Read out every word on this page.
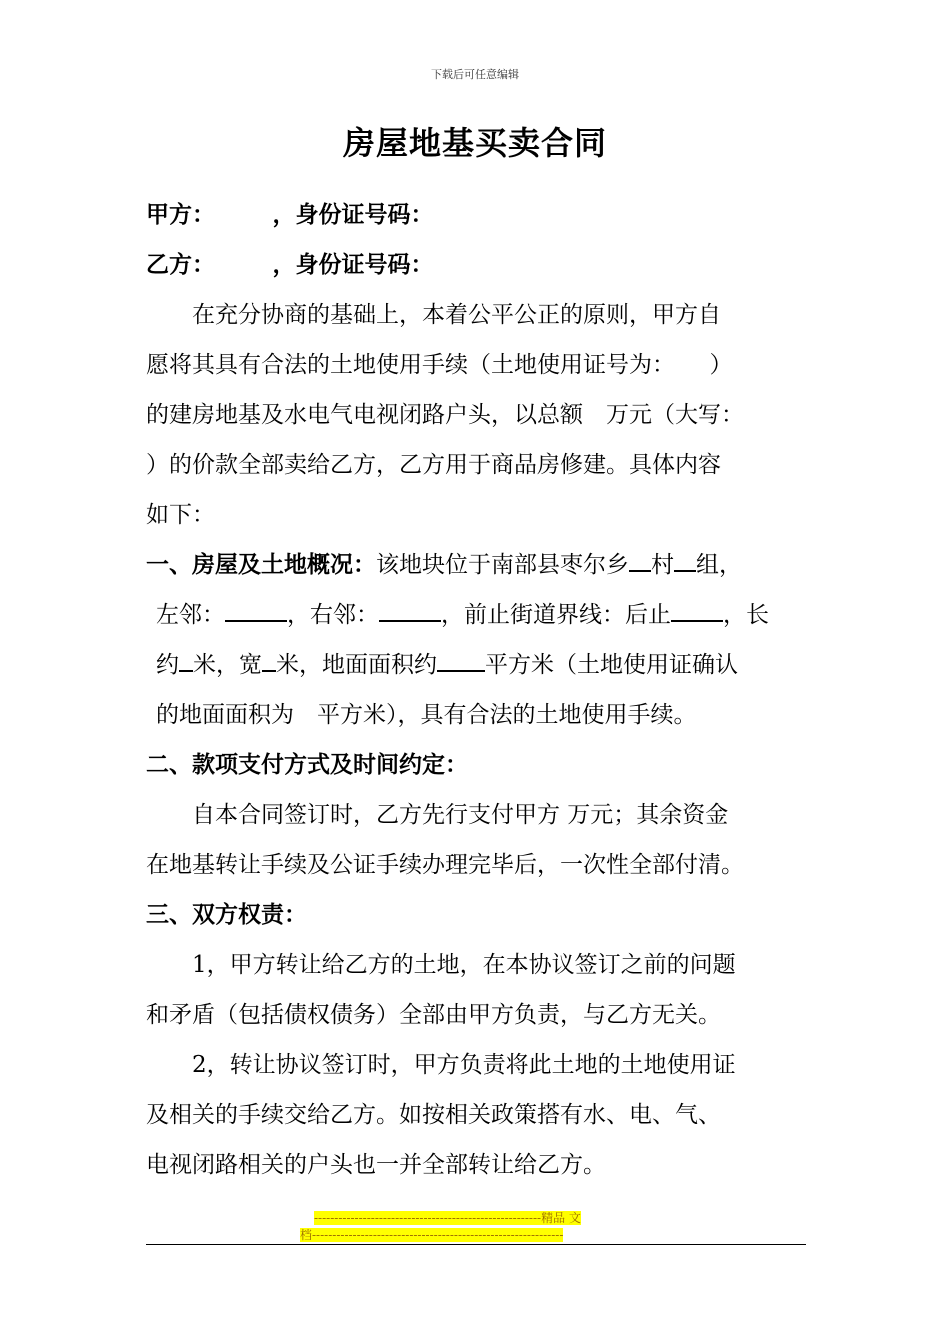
下载后可任意编辑
房屋地基买卖合同
甲方：　　　，身份证号码：
乙方：　　　，身份证号码：
　　在充分协商的基础上，本着公平公正的原则，甲方自
愿将其具有合法的土地使用手续（土地使用证号为：　　）
的建房地基及水电气电视闭路户头，以总额　万元（大写：
）的价款全部卖给乙方，乙方用于商品房修建。具体内容
如下：
一、房屋及土地概况：该地块位于南部县枣尔乡 村 组，
左邻：	，右邻：	，前止街道界线：后止 ，长
约 米，宽 米，地面面积约 平方米（土地使用证确认
的地面面积为　平方米），具有合法的土地使用手续。
二、款项支付方式及时间约定：
　　自本合同签订时，乙方先行支付甲方 万元；其余资金
在地基转让手续及公证手续办理完毕后，一次性全部付清。
三、双方权责：
　　1，甲方转让给乙方的土地，在本协议签订之前的问题
和矛盾（包括债权债务）全部由甲方负责，与乙方无关。
　　2，转让协议签订时，甲方负责将此土地的土地使用证
及相关的手续交给乙方。如按相关政策搭有水、电、气、
电视闭路相关的户头也一并全部转让给乙方。
--------------------------------------------------------精品 文
档--------------------------------------------------------------
